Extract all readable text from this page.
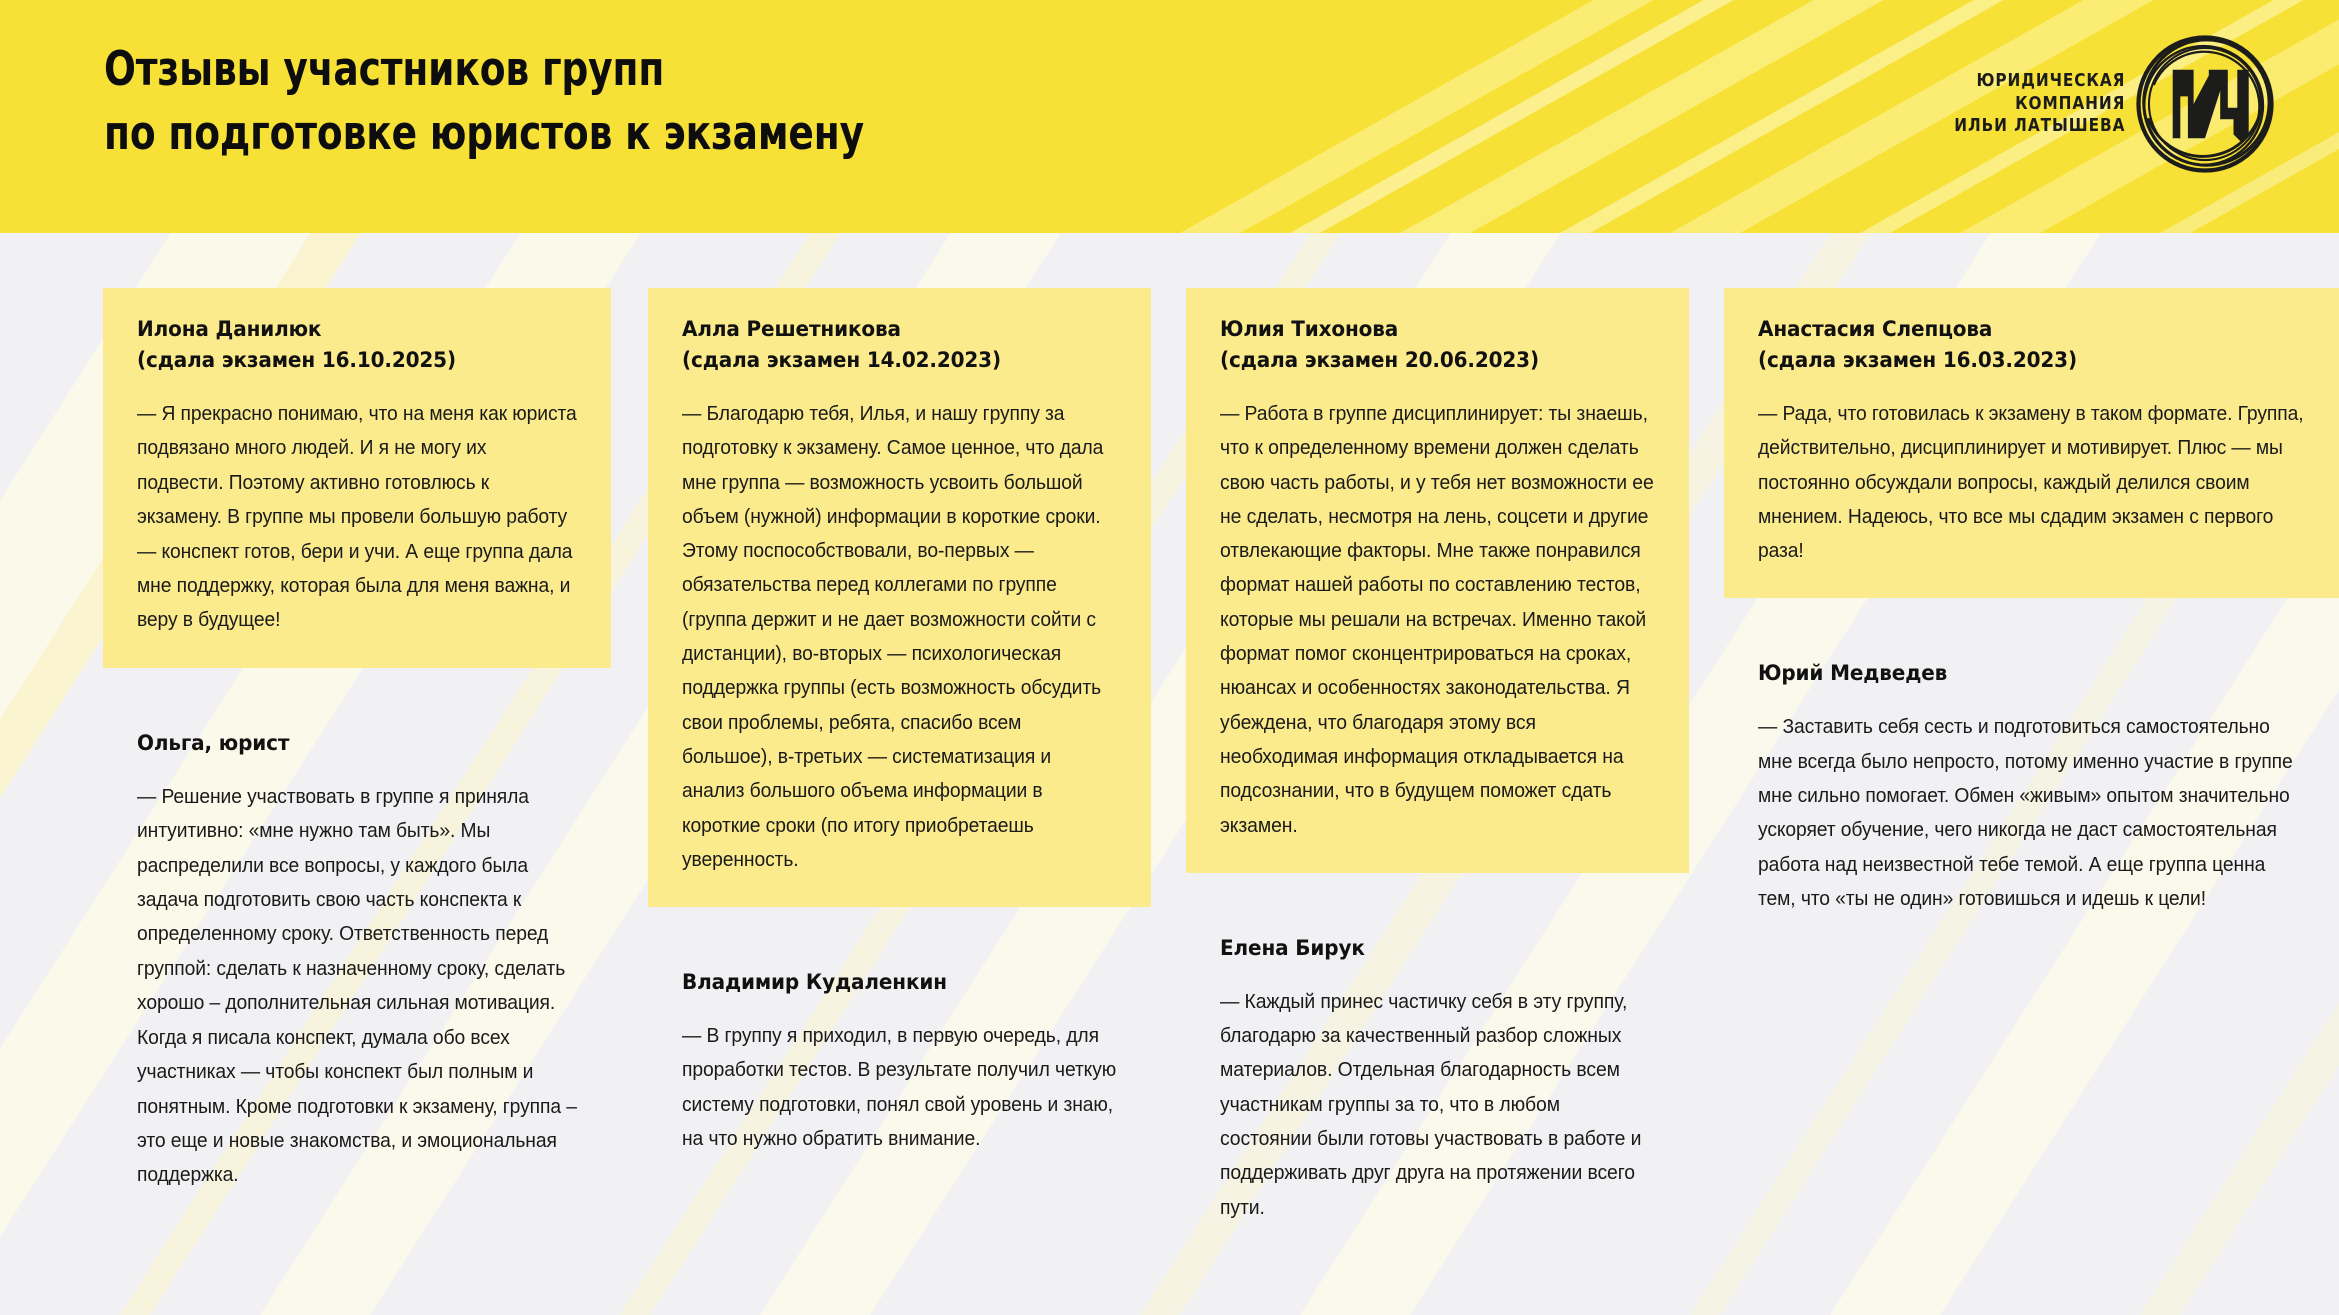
Отзывы участников групп
по подготовке юристов к экзамену
ЮРИДИЧЕСКАЯ
КОМПАНИЯ
ИЛЬИ ЛАТЫШЕВА
Илона Данилюк
(сдала экзамен 16.10.2025)
— Я прекрасно понимаю, что на меня как юриста подвязано много людей. И я не могу их подвести. Поэтому активно готовлюсь к экзамену. В группе мы провели большую работу — конспект готов, бери и учи. А еще группа дала мне поддержку, которая была для меня важна, и веру в будущее!
Ольга, юрист
— Решение участвовать в группе я приняла интуитивно: «мне нужно там быть». Мы распределили все вопросы, у каждого была задача подготовить свою часть конспекта к определенному сроку. Ответственность перед группой: сделать к назначенному сроку, сделать хорошо – дополнительная сильная мотивация. Когда я писала конспект, думала обо всех участниках — чтобы конспект был полным и понятным. Кроме подготовки к экзамену, группа – это еще и новые знакомства, и эмоциональная поддержка.
Алла Решетникова
(сдала экзамен 14.02.2023)
— Благодарю тебя, Илья, и нашу группу за подготовку к экзамену. Самое ценное, что дала мне группа — возможность усвоить большой объем (нужной) информации в короткие сроки. Этому поспособствовали, во-первых — обязательства перед коллегами по группе (группа держит и не дает возможности сойти с дистанции), во-вторых — психологическая поддержка группы (есть возможность обсудить свои проблемы, ребята, спасибо всем большое), в-третьих — систематизация и анализ большого объема информации в короткие сроки (по итогу приобретаешь уверенность.
Владимир Кудаленкин
— В группу я приходил, в первую очередь, для проработки тестов. В результате получил четкую систему подготовки, понял свой уровень и знаю, на что нужно обратить внимание.
Юлия Тихонова
(сдала экзамен 20.06.2023)
— Работа в группе дисциплинирует: ты знаешь, что к определенному времени должен сделать свою часть работы, и у тебя нет возможности ее не сделать, несмотря на лень, соцсети и другие отвлекающие факторы. Мне также понравился формат нашей работы по составлению тестов, которые мы решали на встречах. Именно такой формат помог сконцентрироваться на сроках, нюансах и особенностях законодательства. Я убеждена, что благодаря этому вся необходимая информация откладывается на подсознании, что в будущем поможет сдать экзамен.
Елена Бирук
— Каждый принес частичку себя в эту группу, благодарю за качественный разбор сложных материалов. Отдельная благодарность всем участникам группы за то, что в любом состоянии были готовы участвовать в работе и поддерживать друг друга на протяжении всего пути.
Анастасия Слепцова
(сдала экзамен 16.03.2023)
— Рада, что готовилась к экзамену в таком формате. Группа, действительно, дисциплинирует и мотивирует. Плюс — мы постоянно обсуждали вопросы, каждый делился своим мнением. Надеюсь, что все мы сдадим экзамен с первого раза!
Юрий Медведев
— Заставить себя сесть и подготовиться самостоятельно мне всегда было непросто, потому именно участие в группе мне сильно помогает. Обмен «живым» опытом значительно ускоряет обучение, чего никогда не даст самостоятельная работа над неизвестной тебе темой. А еще группа ценна тем, что «ты не один» готовишься и идешь к цели!
